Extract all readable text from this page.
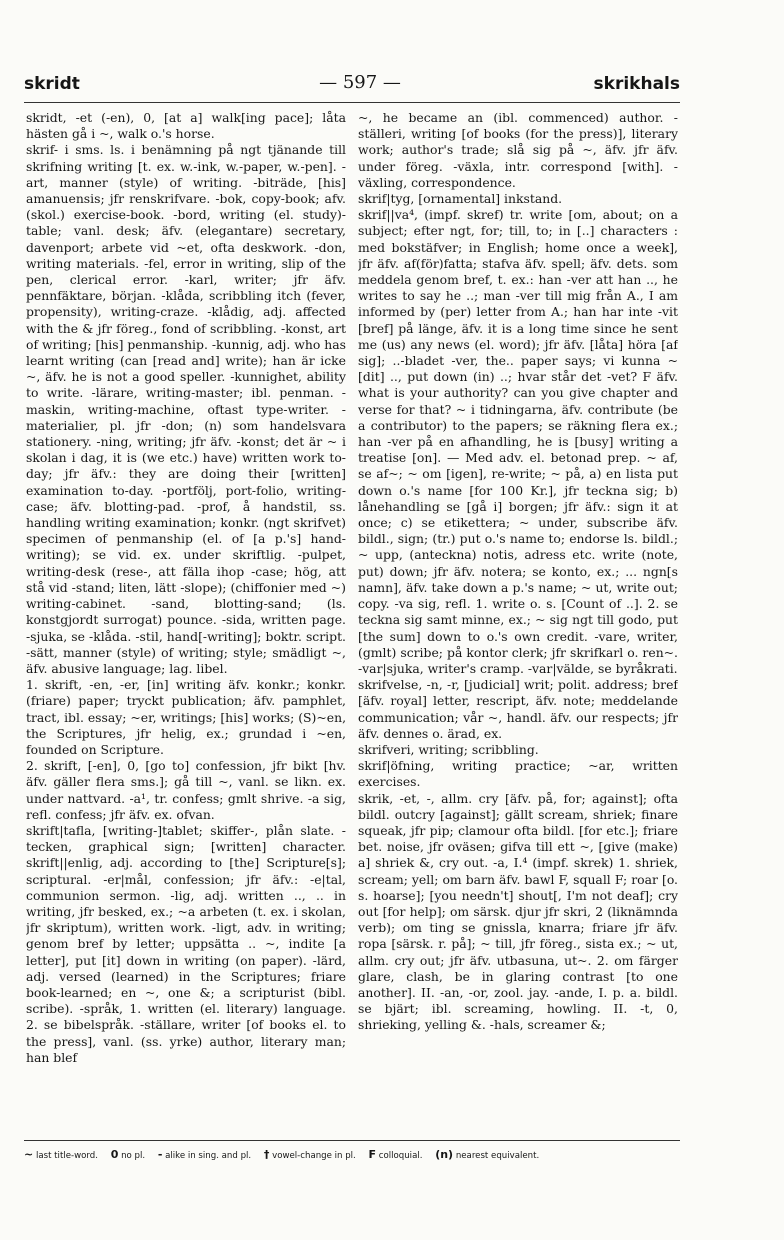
skridt	— 597 —	skrikhals

skridt, -et (-en), 0, [at a] walk[ing pace]; låta hästen gå i ~, walk o.'s horse.

skrif- i sms. ls. i benämning på ngt tjänande till skrifning writing [t. ex. w.-ink, w.-paper, w.-pen]. -art, manner (style) of writing. -biträde, [his] amanuensis; jfr renskrifvare. -bok, copy-book; afv. (skol.) exercise-book. -bord, writing (el. study)-table; vanl. desk; äfv. (elegantare) secretary, davenport; arbete vid ~et, ofta deskwork. -don, writing materials. -fel, error in writing, slip of the pen, clerical error. -karl, writer; jfr äfv. pennfäktare, början. -klåda, scribbling itch (fever, propensity), writing-craze. -klådig, adj. affected with the & jfr föreg., fond of scribbling. -konst, art of writing; [his] penmanship. -kunnig, adj. who has learnt writing (can [read and] write); han är icke ~, äfv. he is not a good speller. -kunnighet, ability to write. -lärare, writing-master; ibl. penman. -maskin, writing-machine, oftast type-writer. -materialier, pl. jfr -don; (n) som handelsvara stationery. -ning, writing; jfr äfv. -konst; det är ~ i skolan i dag, it is (we etc.) have) written work to-day; jfr äfv.: they are doing their [written] examination to-day. -portfölj, port-folio, writing-case; äfv. blotting-pad. -prof, å handstil, ss. handling writing examination; konkr. (ngt skrifvet) specimen of penmanship (el. of [a p.'s] hand-writing); se vid. ex. under skriftlig. -pulpet, writing-desk (rese-, att fälla ihop -case; hög, att stå vid -stand; liten, lätt -slope); (chiffonier med ~) writing-cabinet. -sand, blotting-sand; (ls. konstgjordt surrogat) pounce. -sida, written page. -sjuka, se -klåda. -stil, hand[-writing]; boktr. script. -sätt, manner (style) of writing; style; smädligt ~, äfv. abusive language; lag. libel.

1. skrift, -en, -er, [in] writing äfv. konkr.; konkr. (friare) paper; tryckt publication; äfv. pamphlet, tract, ibl. essay; ~er, writings; [his] works; (S)~en, the Scriptures, jfr helig, ex.; grundad i ~en, founded on Scripture.

2. skrift, [-en], 0, [go to] confession, jfr bikt [hv. äfv. gäller flera sms.]; gå till ~, vanl. se likn. ex. under nattvard. -a¹, tr. confess; gmlt shrive. -a sig, refl. confess; jfr äfv. ex. ofvan.

skrift|tafla, [writing-]tablet; skiffer-, plån slate. -tecken, graphical sign; [written] character. skrift||enlig, adj. according to [the] Scripture[s]; scriptural. -er|mål, confession; jfr äfv.: -e|tal, communion sermon. -lig, adj. written .., .. in writing, jfr besked, ex.; ~a arbeten (t. ex. i skolan, jfr skriptum), written work. -ligt, adv. in writing; genom bref by letter; uppsätta .. ~, indite [a letter], put [it] down in writing (on paper). -lärd, adj. versed (learned) in the Scriptures; friare book-learned; en ~, one &; a scripturist (bibl. scribe). -språk, 1. written (el. literary) language. 2. se bibelspråk. -ställare, writer [of books el. to the press], vanl. (ss. yrke) author, literary man; han blef

~, he became an (ibl. commenced) author. -ställeri, writing [of books (for the press)], literary work; author's trade; slå sig på ~, äfv. jfr äfv. under föreg. -växla, intr. correspond [with]. -växling, correspondence.

skrif|tyg, [ornamental] inkstand.

skrif||va⁴, (impf. skref) tr. write [om, about; on a subject; efter ngt, for; till, to; in [..] characters : med bokstäfver; in English; home once a week], jfr äfv. af(för)fatta; stafva äfv. spell; äfv. dets. som meddela genom bref, t. ex.: han -ver att han .., he writes to say he ..; man -ver till mig från A., I am informed by (per) letter from A.; han har inte -vit [bref] på länge, äfv. it is a long time since he sent me (us) any news (el. word); jfr äfv. [låta] höra [af sig]; ..-bladet -ver, the.. paper says; vi kunna ~ [dit] .., put down (in) ..; hvar står det -vet? F äfv. what is your authority? can you give chapter and verse for that? ~ i tidningarna, äfv. contribute (be a contributor) to the papers; se räkning flera ex.; han -ver på en afhandling, he is [busy] writing a treatise [on]. — Med adv. el. betonad prep. ~ af, se af~; ~ om [igen], re-write; ~ på, a) en lista put down o.'s name [for 100 Kr.], jfr teckna sig; b) lånehandling se [gå i] borgen; jfr äfv.: sign it at once; c) se etikettera; ~ under, subscribe äfv. bildl., sign; (tr.) put o.'s name to; endorse ls. bildl.; ~ upp, (anteckna) notis, adress etc. write (note, put) down; jfr äfv. notera; se konto, ex.; ... ngn[s namn], äfv. take down a p.'s name; ~ ut, write out; copy. -va sig, refl. 1. write o. s. [Count of ..]. 2. se teckna sig samt minne, ex.; ~ sig ngt till godo, put [the sum] down to o.'s own credit. -vare, writer, (gmlt) scribe; på kontor clerk; jfr skrifkarl o. ren~. -var|sjuka, writer's cramp. -var|välde, se byråkrati.

skrifvelse, -n, -r, [judicial] writ; polit. address; bref [äfv. royal] letter, rescript, äfv. note; meddelande communication; vår ~, handl. äfv. our respects; jfr äfv. dennes o. ärad, ex.

skrifveri, writing; scribbling.

skrif|öfning, writing practice; ~ar, written exercises.

skrik, -et, -, allm. cry [äfv. på, for; against]; ofta bildl. outcry [against]; gällt scream, shriek; finare squeak, jfr pip; clamour ofta bildl. [for etc.]; friare bet. noise, jfr oväsen; gifva till ett ~, [give (make) a] shriek &, cry out. -a, I.⁴ (impf. skrek) 1. shriek, scream; yell; om barn äfv. bawl F, squall F; roar [o. s. hoarse]; [you needn't] shout[, I'm not deaf]; cry out [for help]; om särsk. djur jfr skri, 2 (liknämnda verb); om ting se gnissla, knarra; friare jfr äfv. ropa [särsk. r. på]; ~ till, jfr föreg., sista ex.; ~ ut, allm. cry out; jfr äfv. utbasuna, ut~. 2. om färger glare, clash, be in glaring contrast [to one another]. II. -an, -or, zool. jay. -ande, I. p. a. bildl. se bjärt; ibl. screaming, howling. II. -t, 0, shrieking, yelling &. -hals, screamer &;

~ last title-word. 0 no pl. - alike in sing. and pl. † vowel-change in pl. F colloquial. (n) nearest equivalent.
